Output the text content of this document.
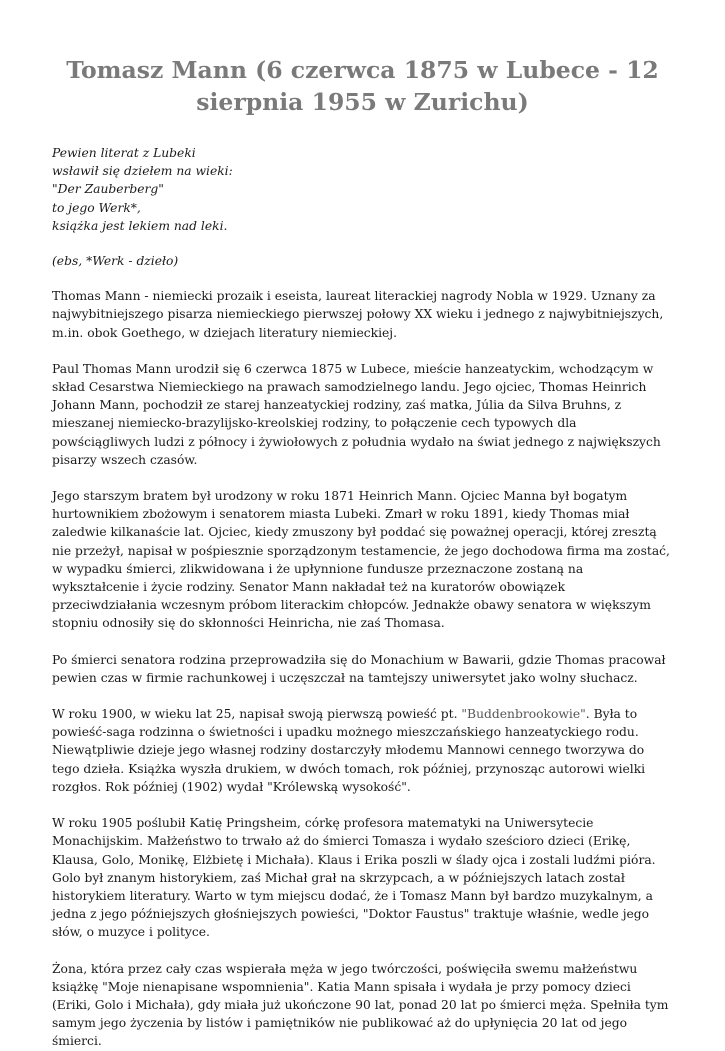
Tomasz Mann (6 czerwca 1875 w Lubece - 12 sierpnia 1955 w Zurichu)
Pewien literat z Lubeki
wsławił się dziełem na wieki:
"Der Zauberberg"
to jego Werk*,
książka jest lekiem nad leki.
(ebs, *Werk - dzieło)

Thomas Mann - niemiecki prozaik i eseista, laureat literackiej nagrody Nobla w 1929. Uznany za najwybitniejszego pisarza niemieckiego pierwszej połowy XX wieku i jednego z najwybitniejszych, m.in. obok Goethego, w dziejach literatury niemieckiej.

Paul Thomas Mann urodził się 6 czerwca 1875 w Lubece, mieście hanzeatyckim, wchodzącym w skład Cesarstwa Niemieckiego na prawach samodzielnego landu. Jego ojciec, Thomas Heinrich Johann Mann, pochodził ze starej hanzeatyckiej rodziny, zaś matka, Júlia da Silva Bruhns, z mieszanej niemiecko-brazylijsko-kreolskiej rodziny, to połączenie cech typowych dla powściągliwych ludzi z północy i żywiołowych z południa wydało na świat jednego z największych pisarzy wszech czasów.

Jego starszym bratem był urodzony w roku 1871 Heinrich Mann. Ojciec Manna był bogatym hurtownikiem zbożowym i senatorem miasta Lubeki. Zmarł w roku 1891, kiedy Thomas miał zaledwie kilkanaście lat. Ojciec, kiedy zmuszony był poddać się poważnej operacji, której zresztą nie przeżył, napisał w pośpiesznie sporządzonym testamencie, że jego dochodowa firma ma zostać, w wypadku śmierci, zlikwidowana i że upłynnione fundusze przeznaczone zostaną na wykształcenie i życie rodziny. Senator Mann nakładał też na kuratorów obowiązek przeciwdziałania wczesnym próbom literackim chłopców. Jednakże obawy senatora w większym stopniu odnosiły się do skłonności Heinricha, nie zaś Thomasa.

Po śmierci senatora rodzina przeprowadziła się do Monachium w Bawarii, gdzie Thomas pracował pewien czas w firmie rachunkowej i uczęszczał na tamtejszy uniwersytet jako wolny słuchacz.

W roku 1900, w wieku lat 25, napisał swoją pierwszą powieść pt. "Buddenbrookowie". Była to powieść-saga rodzinna o świetności i upadku możnego mieszczańskiego hanzeatyckiego rodu. Niewątpliwie dzieje jego własnej rodziny dostarczyły młodemu Mannowi cennego tworzywa do tego dzieła. Książka wyszła drukiem, w dwóch tomach, rok później, przynosząc autorowi wielki rozgłos. Rok później (1902) wydał "Królewską wysokość".

W roku 1905 poślubił Katię Pringsheim, córkę profesora matematyki na Uniwersytecie Monachijskim. Małżeństwo to trwało aż do śmierci Tomasza i wydało sześcioro dzieci (Erikę, Klausa, Golo, Monikę, Elżbietę i Michała). Klaus i Erika poszli w ślady ojca i zostali ludźmi pióra. Golo był znanym historykiem, zaś Michał grał na skrzypcach, a w późniejszych latach został historykiem literatury. Warto w tym miejscu dodać, że i Tomasz Mann był bardzo muzykalnym, a jedna z jego późniejszych głośniejszych powieści, "Doktor Faustus" traktuje właśnie, wedle jego słów, o muzyce i polityce.

Żona, która przez cały czas wspierała męża w jego twórczości, poświęciła swemu małżeństwu książkę "Moje nienapisane wspomnienia". Katia Mann spisała i wydała je przy pomocy dzieci (Eriki, Golo i Michała), gdy miała już ukończone 90 lat, ponad 20 lat po śmierci męża. Spełniła tym samym jego życzenia by listów i pamiętników nie publikować aż do upłynięcia 20 lat od jego śmierci.
